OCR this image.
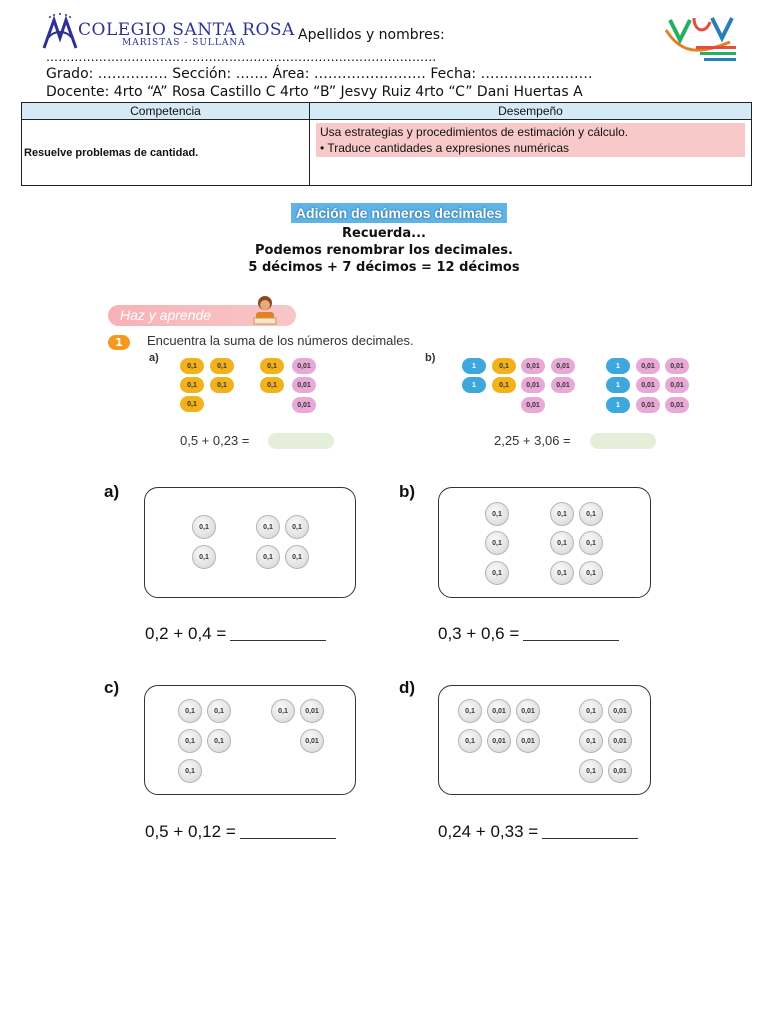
COLEGIO SANTA ROSA
MARISTAS - SULLANA	Apellidos y nombres:
……………………………………………………………………………………
Grado: …………… Sección: ……. Área: …………………… Fecha: ……………………
Docente: 4rto “A” Rosa Castillo C 4rto “B” Jesvy Ruiz 4rto “C” Dani Huertas A
Competencia	Desempeño
Resuelve problemas de cantidad.	Usa estrategias y procedimientos de estimación y cálculo.
• Traduce cantidades a expresiones numéricas
Adición de números decimales
Recuerda...
Podemos renombrar los decimales.
5 décimos + 7 décimos = 12 décimos
Haz y aprende
1	Encuentra la suma de los números decimales.
a)	b)
0,1	0,1	0,1	0,01
0,1	0,1	0,1	0,01
0,1	0,01
1	0,1	0,01	0,01	1	0,01	0,01
1	0,1	0,01	0,01	1	0,01	0,01
0,01	1	0,01	0,01
0,5 + 0,23 =	2,25 + 3,06 =
a)
0,1	0,1	0,1
0,1	0,1	0,1
0,2 + 0,4 =
b)
0,1	0,1	0,1
0,1	0,1	0,1
0,1	0,1	0,1
0,3 + 0,6 =
c)
0,1	0,1	0,1	0,01
0,1	0,1	0,01
0,1
0,5 + 0,12 =
d)
0,1	0,01	0,01	0,1	0,01
0,1	0,01	0,01	0,1	0,01
0,1	0,01
0,24 + 0,33 =
